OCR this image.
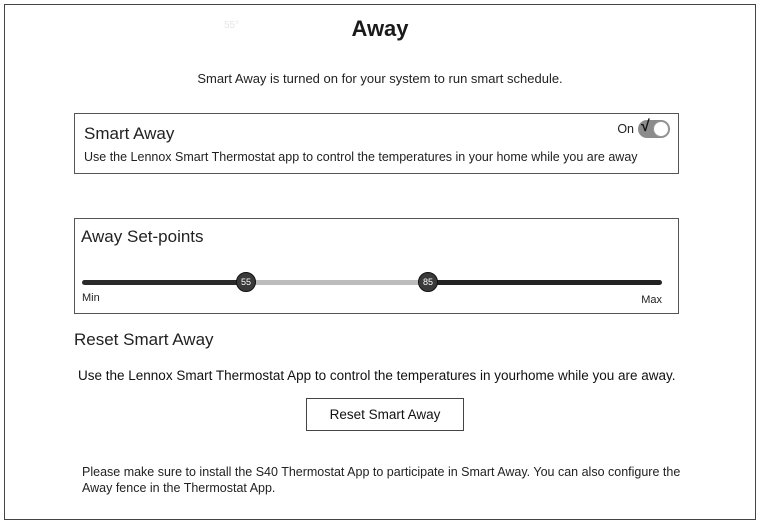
55°	Away
Smart Away is turned on for your system to run smart schedule.
Smart Away	On √
Use the Lennox Smart Thermostat app to control the temperatures in your home while you are away
Away Set-points
55	85
Min	Max
Reset Smart Away
Use the Lennox Smart Thermostat App to control the temperatures in yourhome while you are away.
Reset Smart Away
Please make sure to install the S40 Thermostat App to participate in Smart Away. You can also configure the Away fence in the Thermostat App.
